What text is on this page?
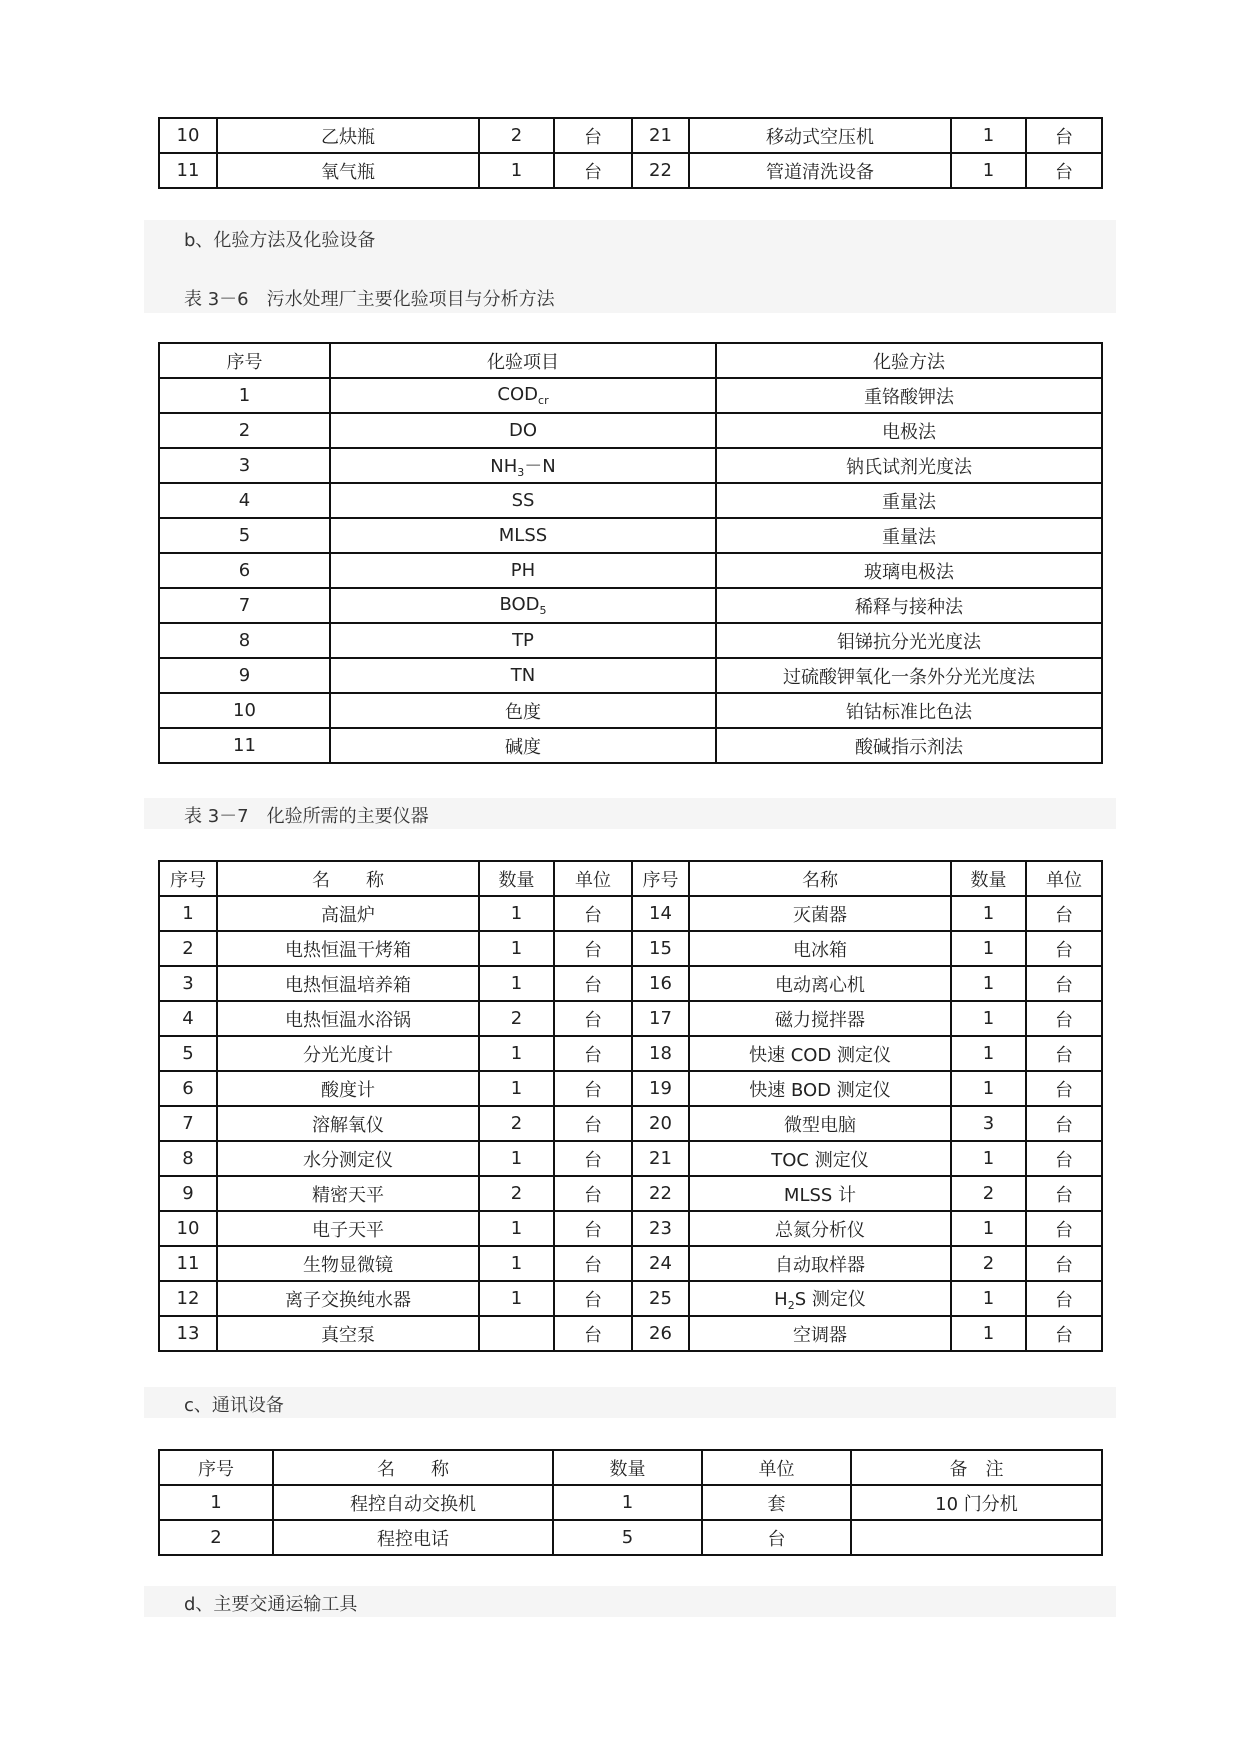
10	乙炔瓶	2	台	21	移动式空压机	1	台
11	氧气瓶	1	台	22	管道清洗设备	1	台
b、化验方法及化验设备
表 3－6　污水处理厂主要化验项目与分析方法
序号	化验项目	化验方法
1	$COD_{cr}$	重铬酸钾法
2	DO	电极法
3	$NH_3-N$	钠氏试剂光度法
4	SS	重量法
5	MLSS	重量法
6	PH	玻璃电极法
7	$BOD_5$	稀释与接种法
8	TP	钼锑抗分光光度法
9	TN	过硫酸钾氧化一条外分光光度法
10	色度	铂钴标准比色法
11	碱度	酸碱指示剂法
表 3－7　化验所需的主要仪器
序号	名　　称	数量	单位	序号	名称	数量	单位
1	高温炉	1	台	14	灭菌器	1	台
2	电热恒温干烤箱	1	台	15	电冰箱	1	台
3	电热恒温培养箱	1	台	16	电动离心机	1	台
4	电热恒温水浴锅	2	台	17	磁力搅拌器	1	台
5	分光光度计	1	台	18	快速 COD 测定仪	1	台
6	酸度计	1	台	19	快速 BOD 测定仪	1	台
7	溶解氧仪	2	台	20	微型电脑	3	台
8	水分测定仪	1	台	21	TOC 测定仪	1	台
9	精密天平	2	台	22	MLSS 计	2	台
10	电子天平	1	台	23	总氮分析仪	1	台
11	生物显微镜	1	台	24	自动取样器	2	台
12	离子交换纯水器	1	台	25	$H_2S$ 测定仪	1	台
13	真空泵		台	26	空调器	1	台
c、通讯设备
序号	名　　称	数量	单位	备　注
1	程控自动交换机	1	套	10 门分机
2	程控电话	5	台	
d、主要交通运输工具
